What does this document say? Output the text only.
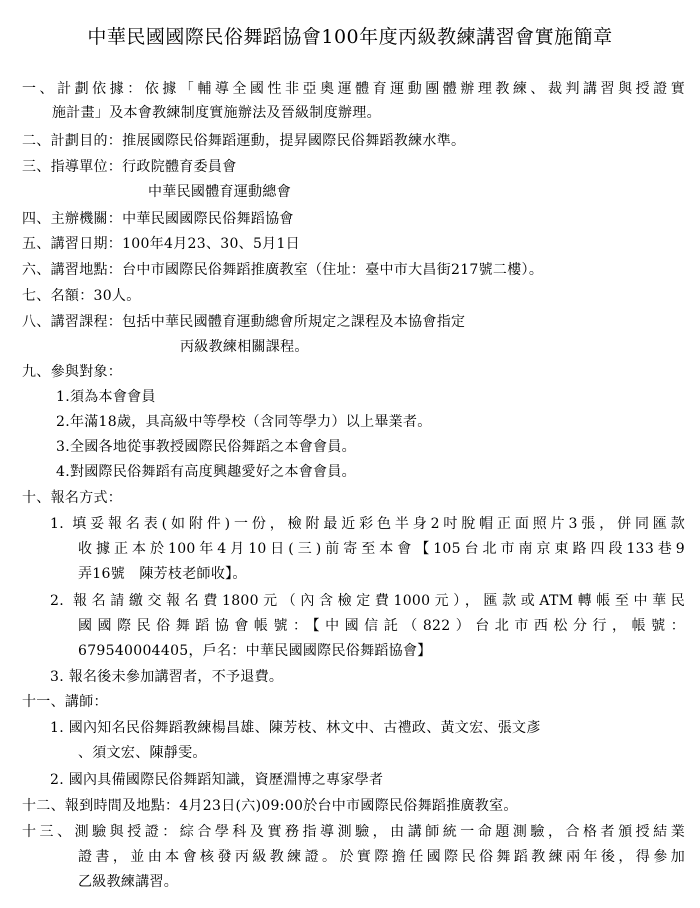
中華民國國際民俗舞蹈協會100年度丙級教練講習會實施簡章
一、計劃依據：依據「輔導全國性非亞奧運體育運動團體辦理教練、裁判講習與授證實
施計畫」及本會教練制度實施辦法及晉級制度辦理。
二、計劃目的：推展國際民俗舞蹈運動，提昇國際民俗舞蹈教練水準。
三、指導單位：行政院體育委員會
中華民國體育運動總會
四、主辦機關：中華民國國際民俗舞蹈協會
五、講習日期：100年4月23、30、5月1日
六、講習地點：台中市國際民俗舞蹈推廣教室（住址：臺中市大昌街217號二樓）。
七、名額：30人。
八、講習課程：包括中華民國體育運動總會所規定之課程及本協會指定
丙級教練相關課程。
九、參與對象：
1.須為本會會員
2.年滿18歲，具高級中等學校（含同等學力）以上畢業者。
3.全國各地從事教授國際民俗舞蹈之本會會員。
4.對國際民俗舞蹈有高度興趣愛好之本會會員。
十、報名方式：
1. 填妥報名表(如附件)一份，檢附最近彩色半身2吋脫帽正面照片3張，併同匯款
收據正本於100年4月10日(三)前寄至本會【105台北市南京東路四段133巷9
弄16號　陳芳枝老師收】。
2. 報名請繳交報名費1800元（內含檢定費1000元），匯款或ATM轉帳至中華民
國國際民俗舞蹈協會帳號：【中國信託（822）台北市西松分行，帳號：
679540004405，戶名：中華民國國際民俗舞蹈協會】
3. 報名後未參加講習者，不予退費。
十一、講師：
1. 國內知名民俗舞蹈教練楊昌雄、陳芳枝、林文中、古禮政、黃文宏、張文彥
、須文宏、陳靜雯。
2. 國內具備國際民俗舞蹈知識，資歷淵博之專家學者
十二、報到時間及地點：4月23日(六)09:00於台中市國際民俗舞蹈推廣教室。
十三、測驗與授證：綜合學科及實務指導測驗，由講師統一命題測驗，合格者頒授結業
證書，並由本會核發丙級教練證。於實際擔任國際民俗舞蹈教練兩年後，得參加
乙級教練講習。
